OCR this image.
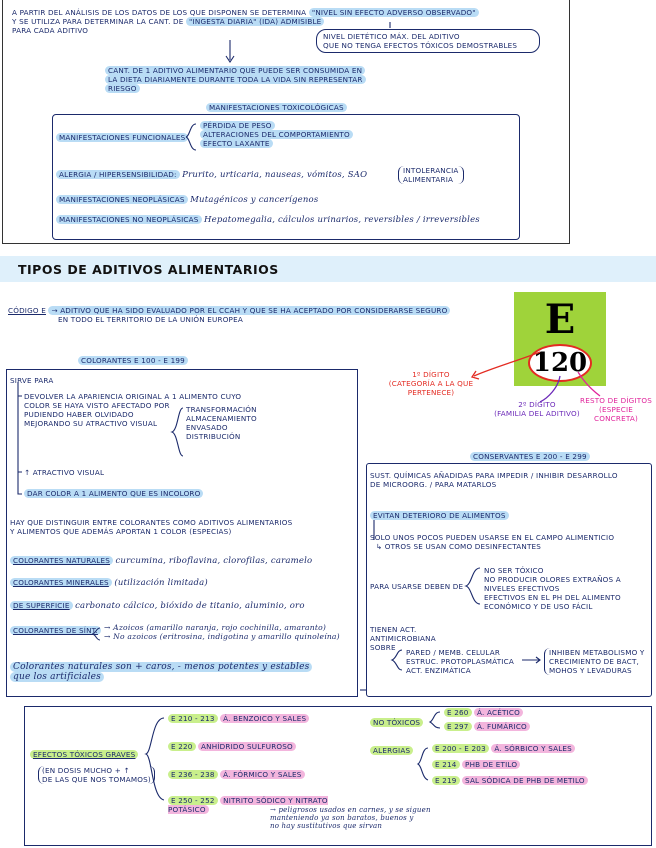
A PARTIR DEL ANÁLISIS DE LOS DATOS DE LOS QUE DISPONEN SE DETERMINA "NIVEL SIN EFECTO ADVERSO OBSERVADO"
Y SE UTILIZA PARA DETERMINAR LA CANT. DE "INGESTA DIARIA" (IDA) ADMISIBLE
PARA CADA ADITIVO
NIVEL DIETÉTICO MÁX. DEL ADITIVO
QUE NO TENGA EFECTOS TÓXICOS DEMOSTRABLES
CANT. DE 1 ADITIVO ALIMENTARIO QUE PUEDE SER CONSUMIDA EN
LA DIETA DIARIAMENTE DURANTE TODA LA VIDA SIN REPRESENTAR
RIESGO
MANIFESTACIONES TOXICOLÓGICAS
MANIFESTACIONES FUNCIONALES
PÉRDIDA DE PESO
ALTERACIONES DEL COMPORTAMIENTO
EFECTO LAXANTE
ALERGIA / HIPERSENSIBILIDAD: Prurito, urticaria, nauseas, vómitos, SAO	INTOLERANCIA
ALIMENTARIA
MANIFESTACIONES NEOPLÁSICAS Mutagénicos y cancerígenos
MANIFESTACIONES NO NEOPLÁSICAS Hepatomegalia, cálculos urinarios, reversibles / irreversibles
TIPOS DE ADITIVOS ALIMENTARIOS
CÓDIGO E → ADITIVO QUE HA SIDO EVALUADO POR EL CCAH Y QUE SE HA ACEPTADO POR CONSIDERARSE SEGURO
EN TODO EL TERRITORIO DE LA UNIÓN EUROPEA	E
120
1º DÍGITO
(CATEGORÍA A LA QUE
PERTENECE)
2º DÍGITO
(FAMILIA DEL ADITIVO)
RESTO DE DÍGITOS
(ESPECIE CONCRETA)
COLORANTES E 100 - E 199
SIRVE PARA
DEVOLVER LA APARIENCIA ORIGINAL A 1 ALIMENTO CUYO
COLOR SE HAYA VISTO AFECTADO POR
PUDIENDO HABER OLVIDADO
MEJORANDO SU ATRACTIVO VISUAL
TRANSFORMACIÓN
ALMACENAMIENTO
ENVASADO
DISTRIBUCIÓN
↑ ATRACTIVO VISUAL
DAR COLOR A 1 ALIMENTO QUE ES INCOLORO
HAY QUE DISTINGUIR ENTRE COLORANTES COMO ADITIVOS ALIMENTARIOS
Y ALIMENTOS QUE ADEMÁS APORTAN 1 COLOR (ESPECIAS)
COLORANTES NATURALES curcumina, riboflavina, clorofilas, caramelo
COLORANTES MINERALES (utilización limitada)
DE SUPERFICIE carbonato cálcico, bióxido de titanio, aluminio, oro
COLORANTES DE SÍNT. → Azoicos (amarillo naranja, rojo cochinilla, amaranto)
→ No azoicos (eritrosina, indigotina y amarillo quinoleína)
Colorantes naturales son + caros, - menos potentes y estables
que los artificiales
CONSERVANTES E 200 - E 299
SUST. QUÍMICAS AÑADIDAS PARA IMPEDIR / INHIBIR DESARROLLO
DE MICROORG. / PARA MATARLOS
EVITAN DETERIORO DE ALIMENTOS
SOLO UNOS POCOS PUEDEN USARSE EN EL CAMPO ALIMENTICIO
↳ OTROS SE USAN COMO DESINFECTANTES
PARA USARSE DEBEN DE
NO SER TÓXICO
NO PRODUCIR OLORES EXTRAÑOS A NIVELES EFECTIVOS
EFECTIVOS EN EL PH DEL ALIMENTO
ECONÓMICO Y DE USO FÁCIL
TIENEN ACT.
ANTIMICROBIANA
SOBRE
PARED / MEMB. CELULAR
ESTRUC. PROTOPLASMÁTICA
ACT. ENZIMÁTICA
INHIBEN METABOLISMO Y
CRECIMIENTO DE BACT,
MOHOS Y LEVADURAS
EFECTOS TÓXICOS GRAVES
(EN DOSIS MUCHO + ↑
DE LAS QUE NOS TOMAMOS)
E 210 - 213 Á. BENZOICO Y SALES
E 220 ANHÍDRIDO SULFUROSO
E 236 - 238 Á. FÓRMICO Y SALES
E 250 - 252 NITRITO SÓDICO Y NITRATO POTÁSICO	→ peligrosos usados en carnes, y se siguen
manteniendo ya son baratos, buenos y
no hay sustitutivos que sirvan
NO TÓXICOS
E 260 Á. ACÉTICO
E 297 Á. FUMÁRICO
ALERGIAS	E 200 - E 203 Á. SÓRBICO Y SALES
E 214 PHB DE ETILO
E 219 SAL SÓDICA DE PHB DE METILO
